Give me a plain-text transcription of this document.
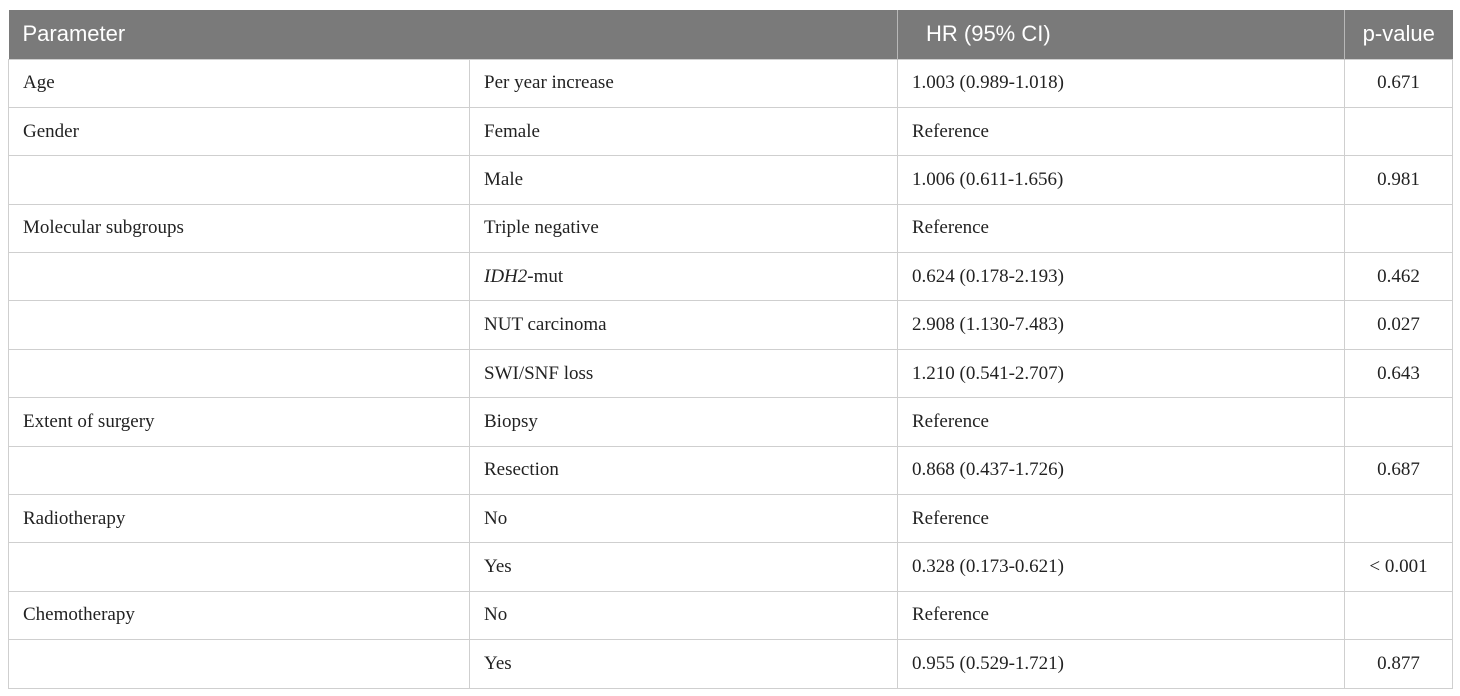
Parameter		HR (95% CI)	p-value
Age	Per year increase	1.003 (0.989-1.018)	0.671
Gender	Female	Reference	
	Male	1.006 (0.611-1.656)	0.981
Molecular subgroups	Triple negative	Reference	
	IDH2-mut	0.624 (0.178-2.193)	0.462
	NUT carcinoma	2.908 (1.130-7.483)	0.027
	SWI/SNF loss	1.210 (0.541-2.707)	0.643
Extent of surgery	Biopsy	Reference	
	Resection	0.868 (0.437-1.726)	0.687
Radiotherapy	No	Reference	
	Yes	0.328 (0.173-0.621)	< 0.001
Chemotherapy	No	Reference	
	Yes	0.955 (0.529-1.721)	0.877
